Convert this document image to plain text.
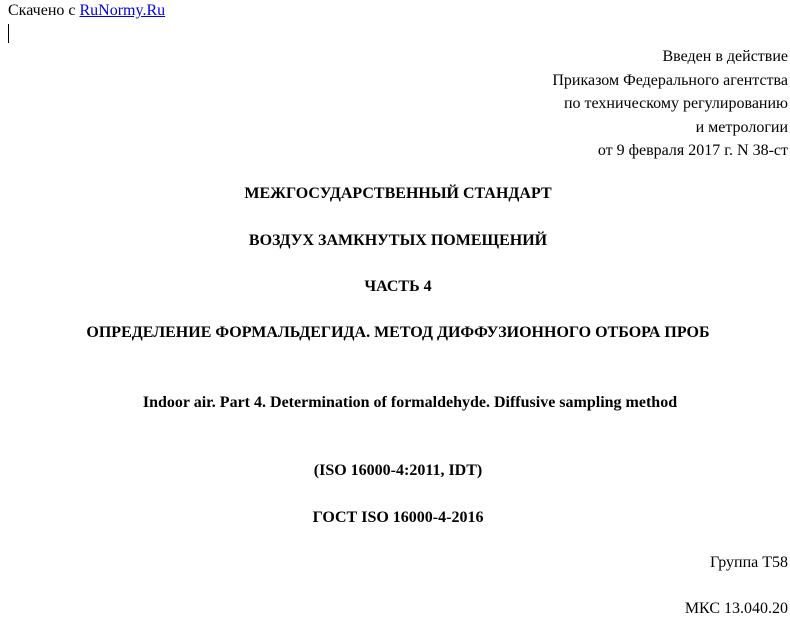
Скачено с RuNormy.Ru
Введен в действие
Приказом Федерального агентства
по техническому регулированию
и метрологии
от 9 февраля 2017 г. N 38-ст
МЕЖГОСУДАРСТВЕННЫЙ СТАНДАРТ
ВОЗДУХ ЗАМКНУТЫХ ПОМЕЩЕНИЙ
ЧАСТЬ 4
ОПРЕДЕЛЕНИЕ ФОРМАЛЬДЕГИДА. МЕТОД ДИФФУЗИОННОГО ОТБОРА ПРОБ
Indoor air. Part 4. Determination of formaldehyde. Diffusive sampling method
(ISO 16000-4:2011, IDT)
ГОСТ ISO 16000-4-2016
Группа Т58
МКС 13.040.20
